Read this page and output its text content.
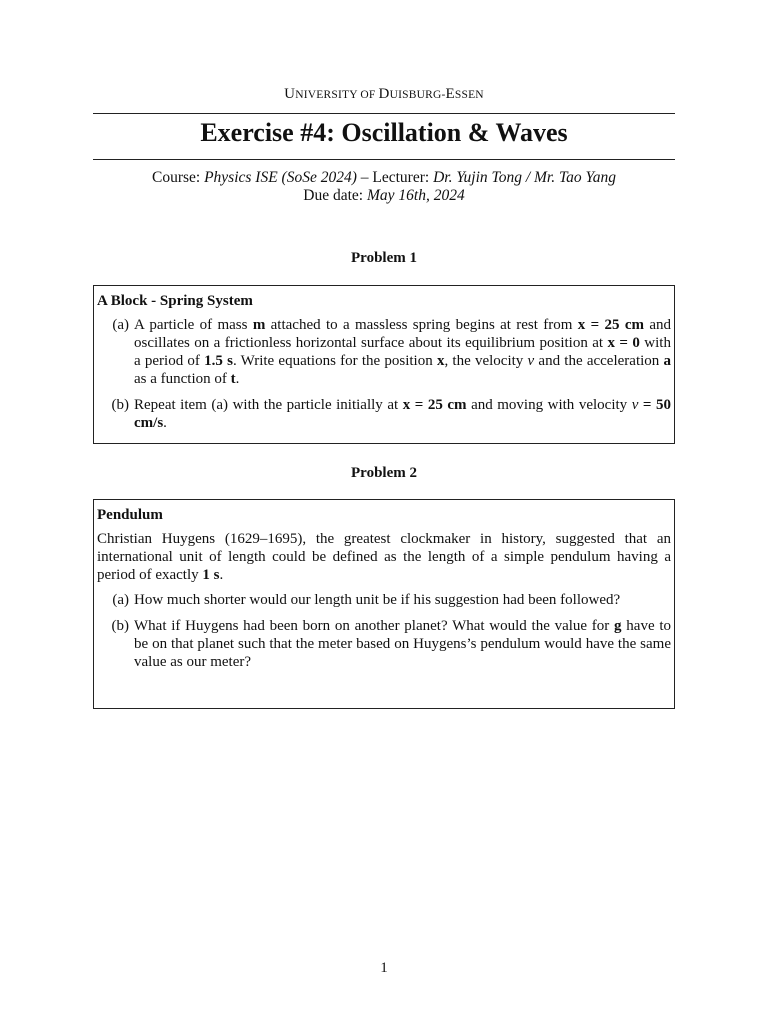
UNIVERSITY OF DUISBURG-ESSEN
Exercise #4: Oscillation & Waves
Course: Physics ISE (SoSe 2024) – Lecturer: Dr. Yujin Tong / Mr. Tao Yang
Due date: May 16th, 2024
Problem 1
A Block - Spring System
(a) A particle of mass m attached to a massless spring begins at rest from x = 25 cm and oscillates on a frictionless horizontal surface about its equilibrium position at x = 0 with a period of 1.5 s. Write equations for the position x, the velocity ν and the acceleration a as a function of t.
(b) Repeat item (a) with the particle initially at x = 25 cm and moving with velocity ν = 50 cm/s.
Problem 2
Pendulum
Christian Huygens (1629–1695), the greatest clockmaker in history, suggested that an international unit of length could be defined as the length of a simple pendulum having a period of exactly 1 s.
(a) How much shorter would our length unit be if his suggestion had been followed?
(b) What if Huygens had been born on another planet? What would the value for g have to be on that planet such that the meter based on Huygens’s pendulum would have the same value as our meter?
1
